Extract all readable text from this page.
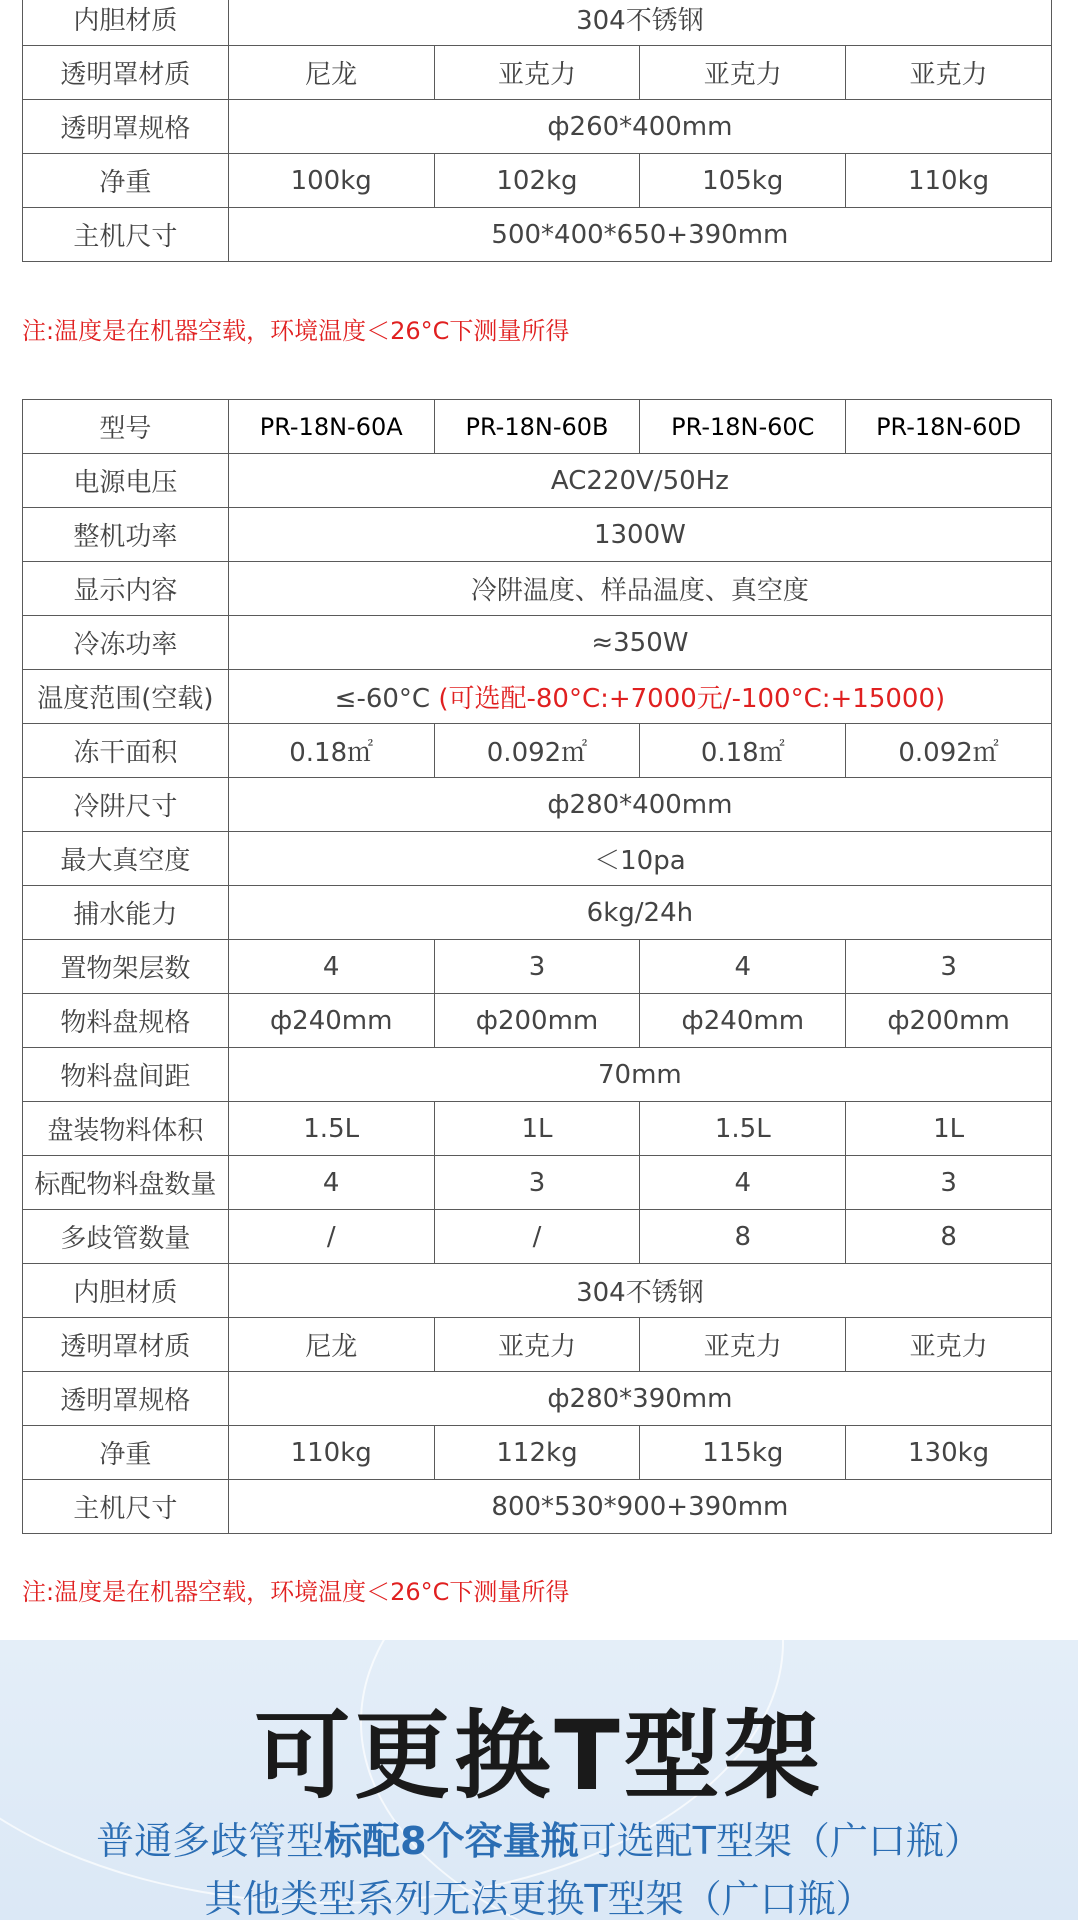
内胆材质	304不锈钢			
透明罩材质	尼龙	亚克力	亚克力	亚克力
透明罩规格	ф260*400mm			
净重	100kg	102kg	105kg	110kg
主机尺寸	500*400*650+390mm			

注:温度是在机器空载，环境温度＜26°C下测量所得

型号	PR-18N-60A	PR-18N-60B	PR-18N-60C	PR-18N-60D
电源电压	AC220V/50Hz			
整机功率	1300W			
显示内容	冷阱温度、样品温度、真空度			
冷冻功率	≈350W			
温度范围(空载)	≤-60°C (可选配-80°C:+7000元/-100°C:+15000)			
冻干面积	0.18㎡	0.092㎡	0.18㎡	0.092㎡
冷阱尺寸	ф280*400mm			
最大真空度	＜10pa			
捕水能力	6kg/24h			
置物架层数	4	3	4	3
物料盘规格	ф240mm	ф200mm	ф240mm	ф200mm
物料盘间距	70mm			
盘装物料体积	1.5L	1L	1.5L	1L
标配物料盘数量	4	3	4	3
多歧管数量	/	/	8	8
内胆材质	304不锈钢			
透明罩材质	尼龙	亚克力	亚克力	亚克力
透明罩规格	ф280*390mm			
净重	110kg	112kg	115kg	130kg
主机尺寸	800*530*900+390mm			

注:温度是在机器空载，环境温度＜26°C下测量所得

可更换T型架

普通多歧管型标配8个容量瓶可选配T型架（广口瓶）

其他类型系列无法更换T型架（广口瓶）
